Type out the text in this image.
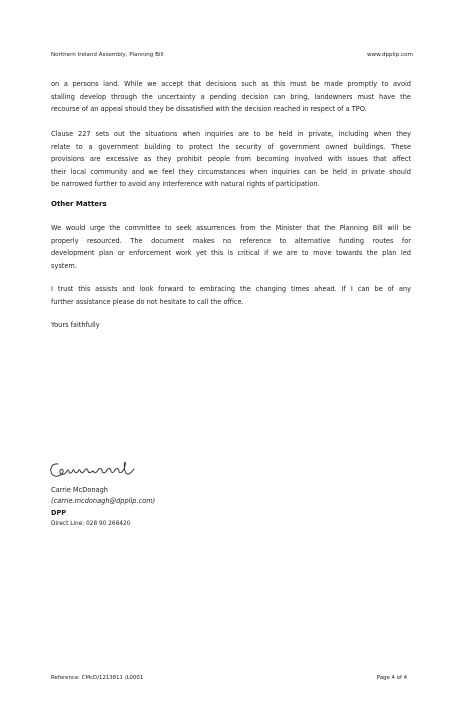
Northern Ireland Assembly, Planning Bill	www.dpplip.com
on a persons land. While we accept that decisions such as this must be made promptly to avoid
stalling develop through the uncertainty a pending decision can bring, landowners must have the
recourse of an appeal should they be dissatisfied with the decision reached in respect of a TPO.
Clause 227 sets out the situations when inquiries are to be held in private, including when they
relate to a government building to protect the security of government owned buildings. These
provisions are excessive as they prohibit people from becoming involved with issues that affect
their local community and we feel they circumstances when inquiries can be held in private should
be narrowed further to avoid any interference with natural rights of participation.
Other Matters
We would urge the committee to seek assurrences from the Minister that the Planning Bill will be
properly resourced. The document makes no reference to alternative funding routes for
development plan or enforcement work yet this is critical if we are to move towards the plan led
system.
I trust this assists and look forward to embracing the changing times ahead. If I can be of any
further assistance please do not hesitate to call the office.
Yours faithfully
Carrie McDonagh
(carrie.mcdonagh@dpplip.com)
DPP
Direct Line: 028 90 268420
Reference: CMcD/1213811 /L0001	Page 4 of 4
